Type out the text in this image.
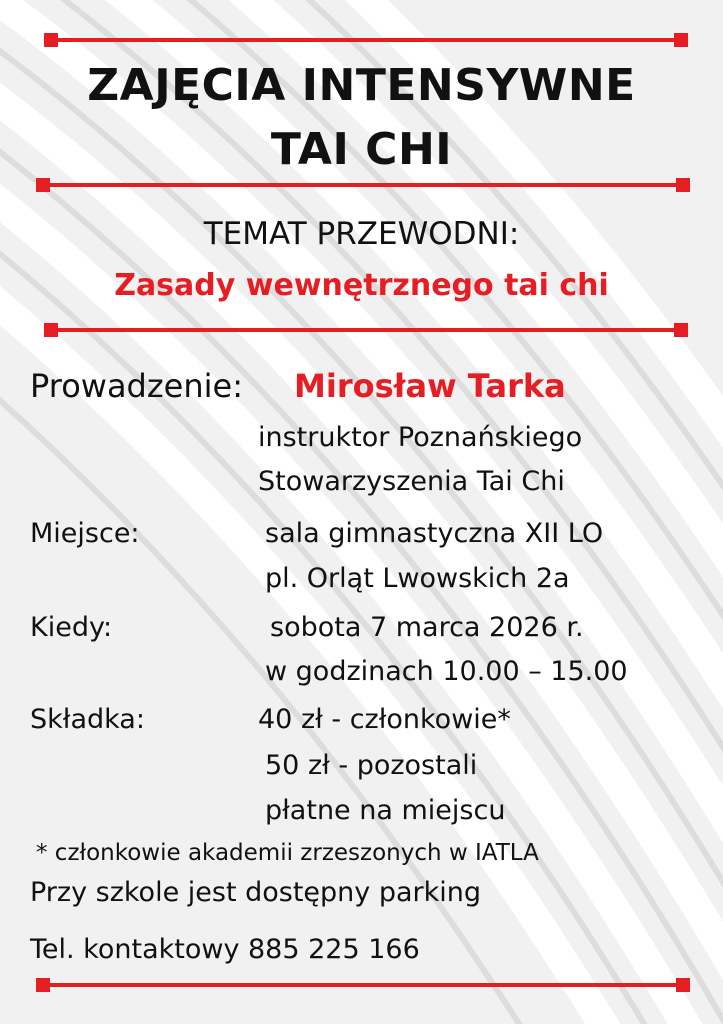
ZAJĘCIA INTENSYWNE
TAI CHI
TEMAT PRZEWODNI:
Zasady wewnętrznego tai chi
Prowadzenie: Mirosław Tarka
instruktor Poznańskiego
Stowarzyszenia Tai Chi
Miejsce:	sala gimnastyczna XII LO
pl. Orląt Lwowskich 2a
Kiedy:	sobota 7 marca 2026 r.
w godzinach 10.00 – 15.00
Składka:	40 zł - członkowie*
50 zł - pozostali
płatne na miejscu
* członkowie akademii zrzeszonych w IATLA
Przy szkole jest dostępny parking
Tel. kontaktowy 885 225 166
